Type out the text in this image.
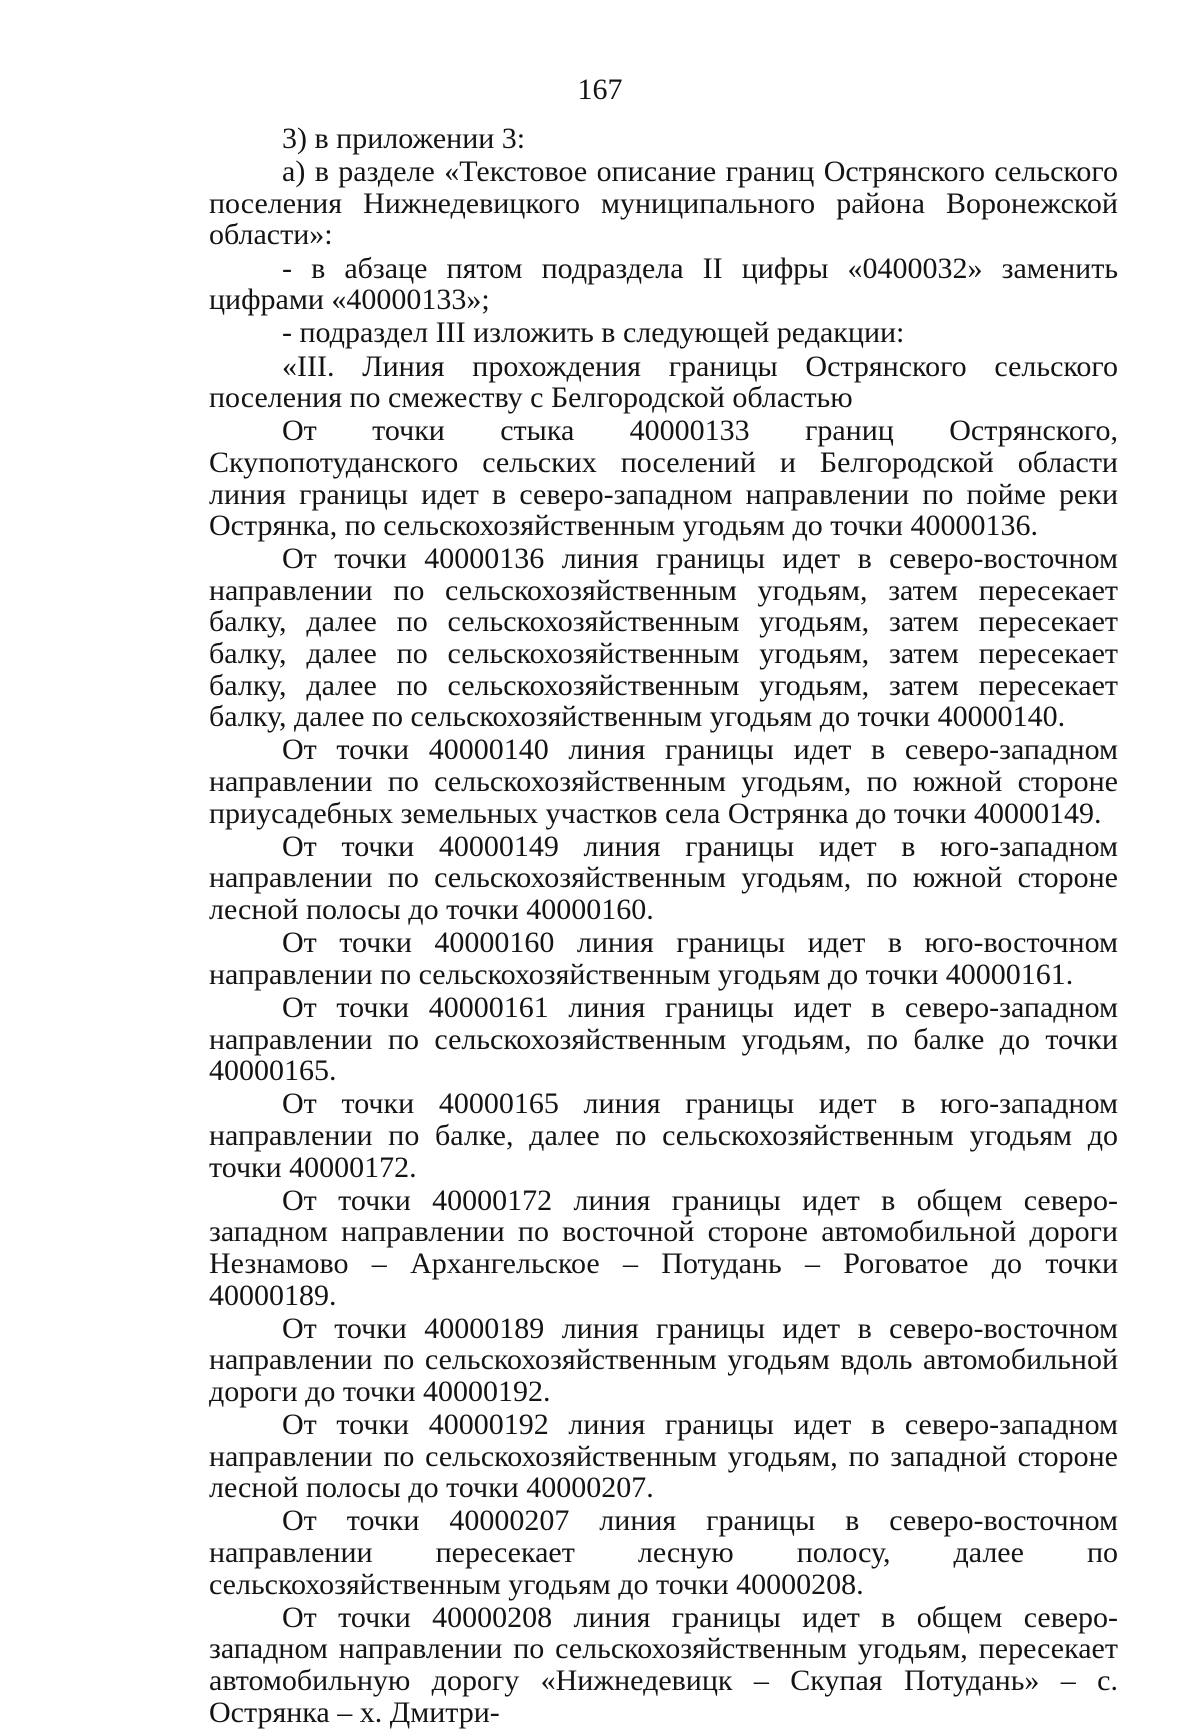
167

3) в приложении 3:

а) в разделе «Текстовое описание границ Острянского сельского поселения Нижнедевицкого муниципального района Воронежской области»:

- в абзаце пятом подраздела II цифры «0400032» заменить цифрами «40000133»;

- подраздел III изложить в следующей редакции:

«III. Линия прохождения границы Острянского сельского поселения по смежеству с Белгородской областью

От точки стыка 40000133 границ Острянского, Скупопотуданского сельских поселений и Белгородской области линия границы идет в северо-западном направлении по пойме реки Острянка, по сельскохозяйственным угодьям до точки 40000136.

От точки 40000136 линия границы идет в северо-восточном направлении по сельскохозяйственным угодьям, затем пересекает балку, далее по сельскохозяйственным угодьям, затем пересекает балку, далее по сельскохозяйственным угодьям, затем пересекает балку, далее по сельскохозяйственным угодьям, затем пересекает балку, далее по сельскохозяйственным угодьям до точки 40000140.

От точки 40000140 линия границы идет в северо-западном направлении по сельскохозяйственным угодьям, по южной стороне приусадебных земельных участков села Острянка до точки 40000149.

От точки 40000149 линия границы идет в юго-западном направлении по сельскохозяйственным угодьям, по южной стороне лесной полосы до точки 40000160.

От точки 40000160 линия границы идет в юго-восточном направлении по сельскохозяйственным угодьям до точки 40000161.

От точки 40000161 линия границы идет в северо-западном направлении по сельскохозяйственным угодьям, по балке до точки 40000165.

От точки 40000165 линия границы идет в юго-западном направлении по балке, далее по сельскохозяйственным угодьям до точки 40000172.

От точки 40000172 линия границы идет в общем северо-западном направлении по восточной стороне автомобильной дороги Незнамово – Архангельское – Потудань – Роговатое до точки 40000189.

От точки 40000189 линия границы идет в северо-восточном направлении по сельскохозяйственным угодьям вдоль автомобильной дороги до точки 40000192.

От точки 40000192 линия границы идет в северо-западном направлении по сельскохозяйственным угодьям, по западной стороне лесной полосы до точки 40000207.

От точки 40000207 линия границы в северо-восточном направлении пересекает лесную полосу, далее по сельскохозяйственным угодьям до точки 40000208.

От точки 40000208 линия границы идет в общем северо-западном направлении по сельскохозяйственным угодьям, пересекает автомобильную дорогу «Нижнедевицк – Скупая Потудань» – с. Острянка – х. Дмитри-
